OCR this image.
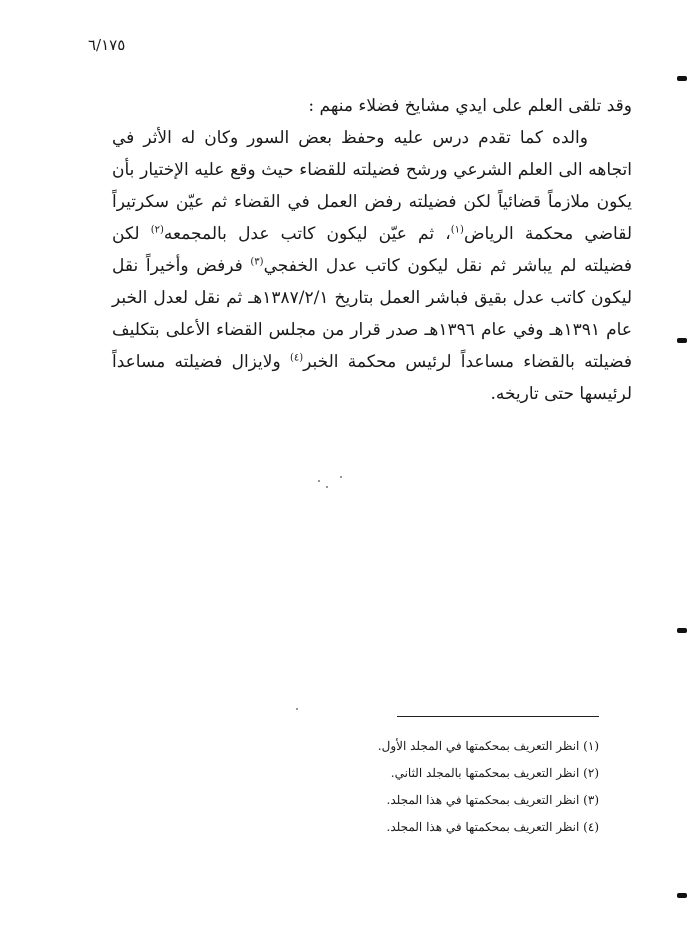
٦/١٧٥

وقد تلقى العلم على ايدي مشايخ فضلاء منهم :

والده كما تقدم درس عليه وحفظ بعض السور وكان له الأثر في اتجاهه الى العلم الشرعي ورشح فضيلته للقضاء حيث وقع عليه الإختيار بأن يكون ملازماً قضائياً لكن فضيلته رفض العمل في القضاء ثم عيّن سكرتيراً لقاضي محكمة الرياض$^{(١)}$، ثم عيّن ليكون كاتب عدل بالمجمعه$^{(٢)}$ لكن فضيلته لم يباشر ثم نقل ليكون كاتب عدل الخفجي$^{(٣)}$ فرفض وأخيراً نقل ليكون كاتب عدل بقيق فباشر العمل بتاريخ ١٣٨٧/٢/١هـ ثم نقل لعدل الخبر عام ١٣٩١هـ وفي عام ١٣٩٦هـ صدر قرار من مجلس القضاء الأعلى بتكليف فضيلته بالقضاء مساعداً لرئيس محكمة الخبر$^{(٤)}$ ولايزال فضيلته مساعداً لرئيسها حتى تاريخه.

(١) انظر التعريف بمحكمتها في المجلد الأول.

(٢) انظر التعريف بمحكمتها بالمجلد الثاني.

(٣) انظر التعريف بمحكمتها في هذا المجلد.

(٤) انظر التعريف بمحكمتها في هذا المجلد.
